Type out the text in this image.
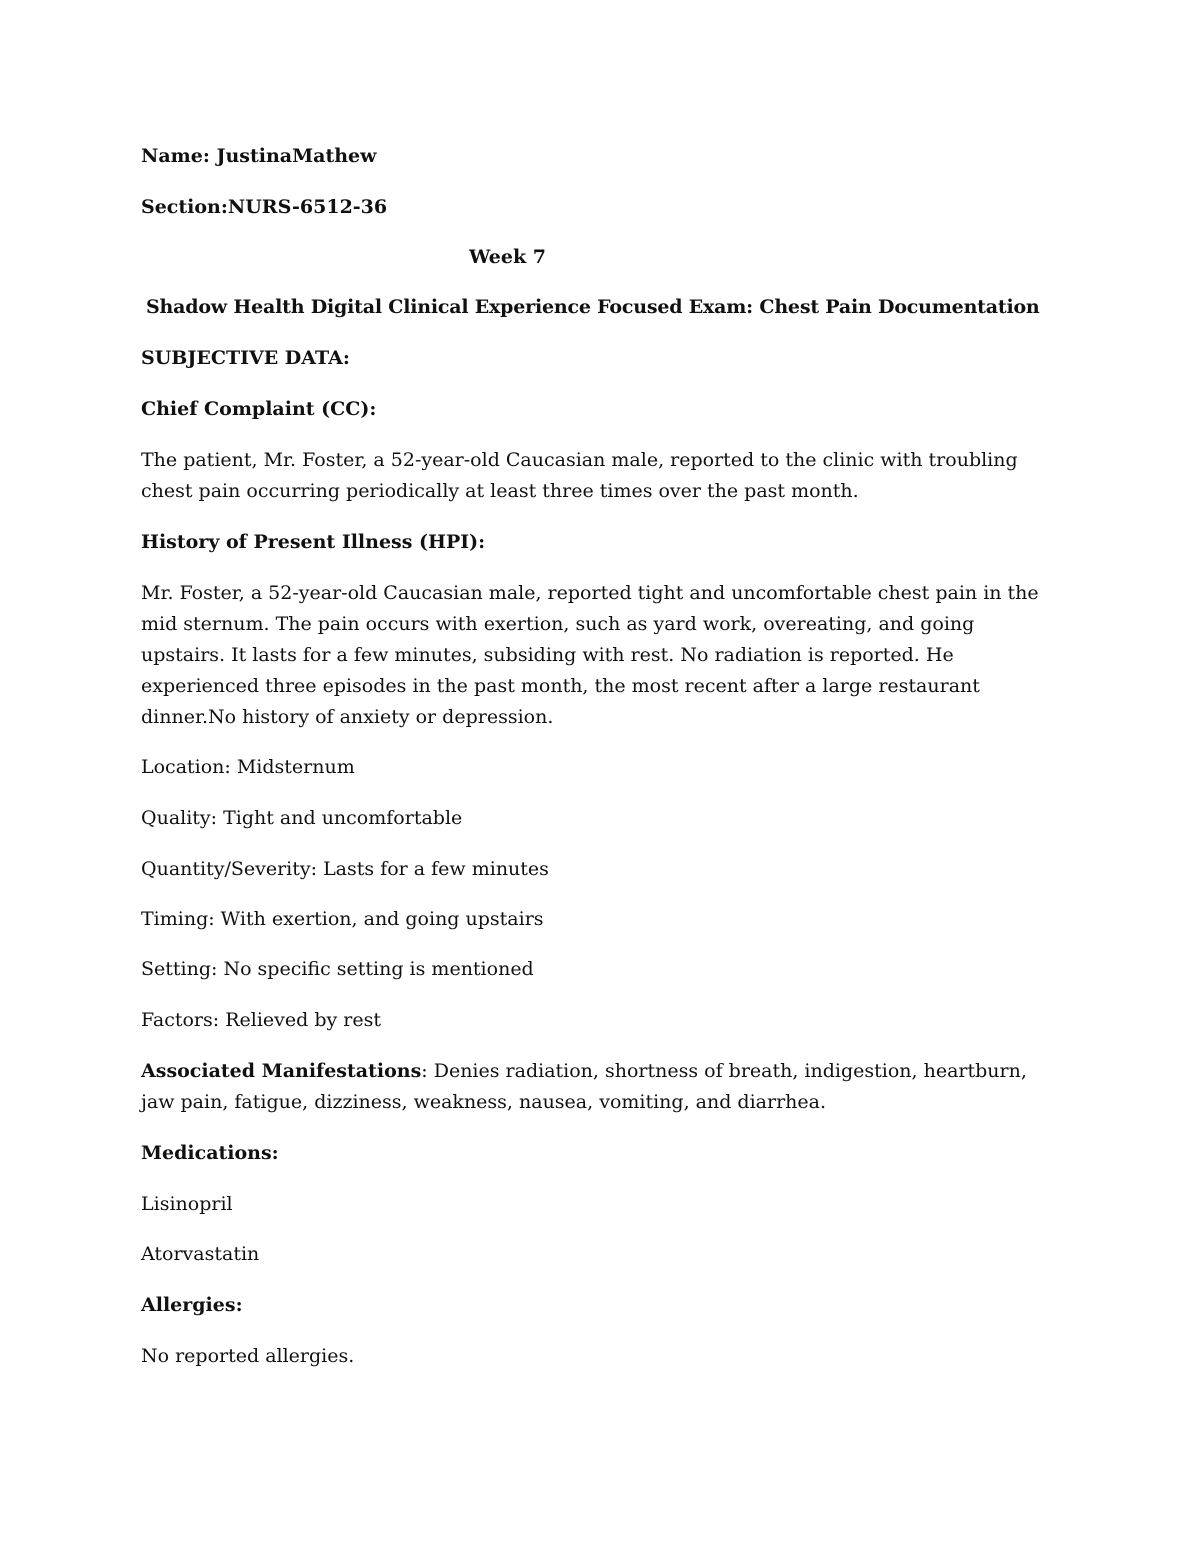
Name: JustinaMathew

Section:NURS-6512-36

Week 7

Shadow Health Digital Clinical Experience Focused Exam: Chest Pain Documentation

SUBJECTIVE DATA:

Chief Complaint (CC):

The patient, Mr. Foster, a 52-year-old Caucasian male, reported to the clinic with troubling chest pain occurring periodically at least three times over the past month.

History of Present Illness (HPI):

Mr. Foster, a 52-year-old Caucasian male, reported tight and uncomfortable chest pain in the mid sternum. The pain occurs with exertion, such as yard work, overeating, and going upstairs. It lasts for a few minutes, subsiding with rest. No radiation is reported. He experienced three episodes in the past month, the most recent after a large restaurant dinner.No history of anxiety or depression.

Location: Midsternum

Quality: Tight and uncomfortable

Quantity/Severity: Lasts for a few minutes

Timing: With exertion, and going upstairs

Setting: No specific setting is mentioned

Factors: Relieved by rest

Associated Manifestations: Denies radiation, shortness of breath, indigestion, heartburn, jaw pain, fatigue, dizziness, weakness, nausea, vomiting, and diarrhea.

Medications:

Lisinopril

Atorvastatin

Allergies:

No reported allergies.
